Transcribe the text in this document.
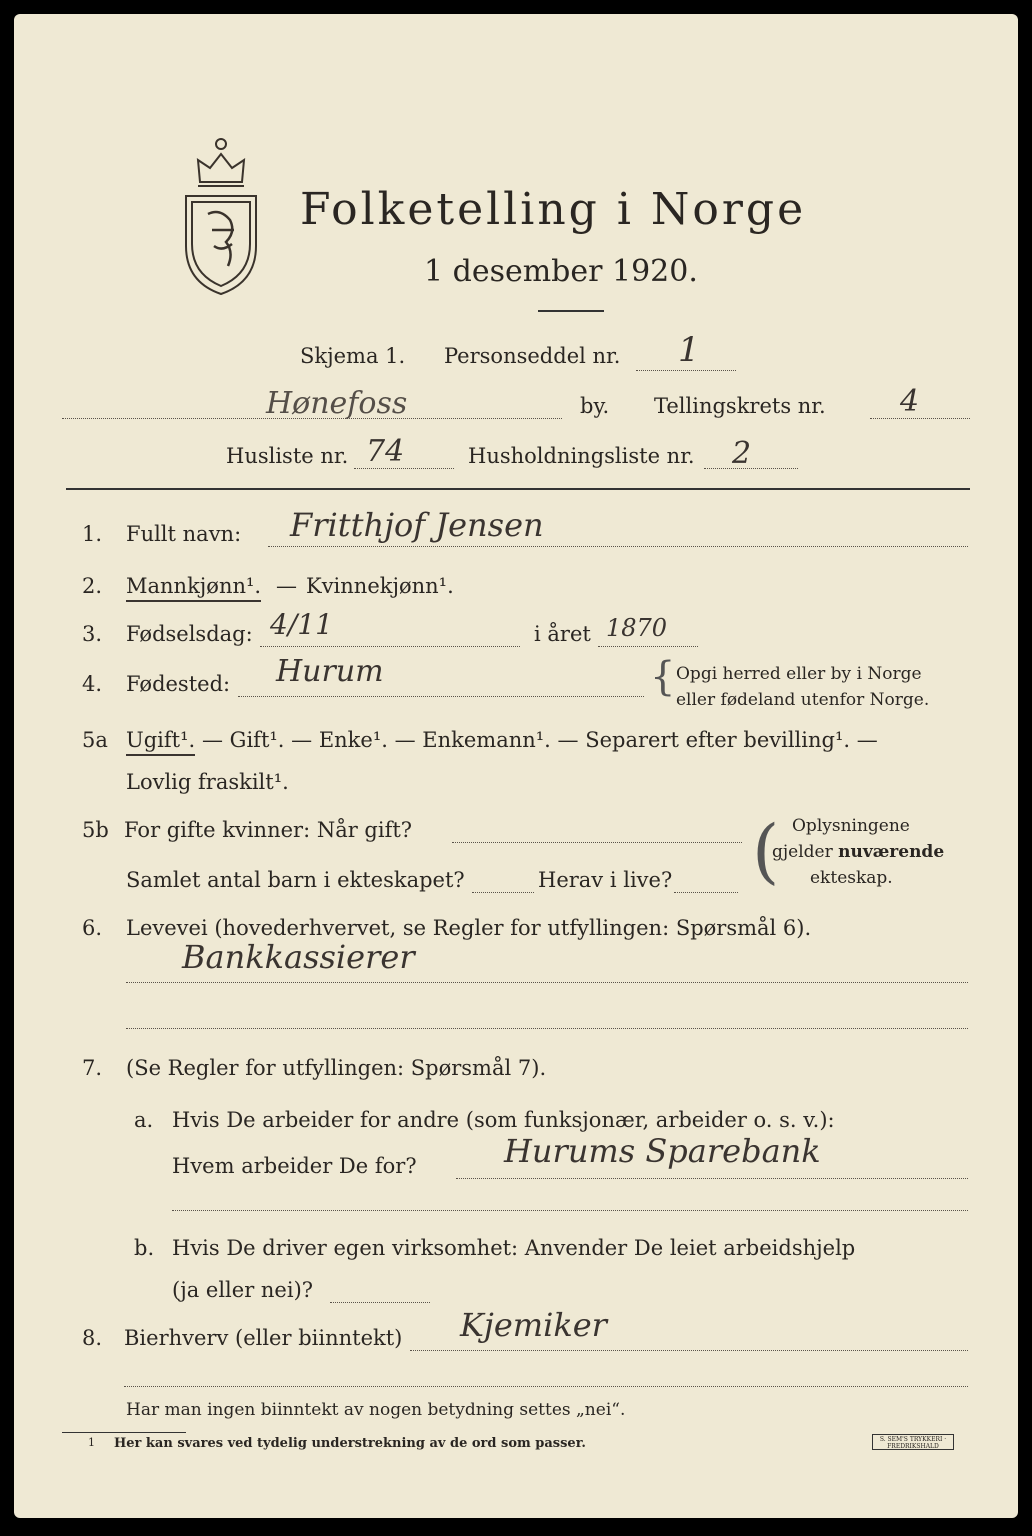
Folketelling i Norge
1 desember 1920.
Skjema 1. Personseddel nr. 1
Hønefoss	by. Tellingskrets nr. 4
Husliste nr. 74	Husholdningsliste nr. 2
1. Fullt navn: Fritthjof Jensen
2. Mannkjønn¹. — Kvinnekjønn¹.
3. Fødselsdag: 4/11	i året 1870
4. Fødested: Hurum	{ Opgi herred eller by i Norge
eller fødeland utenfor Norge.
5a Ugift¹. — Gift¹. — Enke¹. — Enkemann¹. — Separert efter bevilling¹. —
Lovlig fraskilt¹.
5b For gifte kvinner: Når gift?
Samlet antal barn i ekteskapet?	Herav i live? ( Oplysningene
gjelder nuværende
ekteskap.
6. Levevei (hovederhvervet, se Regler for utfyllingen: Spørsmål 6).
Bankkassierer
7. (Se Regler for utfyllingen: Spørsmål 7).
a. Hvis De arbeider for andre (som funksjonær, arbeider o. s. v.):
Hvem arbeider De for?	Hurums Sparebank
b. Hvis De driver egen virksomhet: Anvender De leiet arbeidshjelp
(ja eller nei)?
8. Bierhverv (eller biinntekt) Kjemiker
Har man ingen biinntekt av nogen betydning settes „nei“.
1 Her kan svares ved tydelig understrekning av de ord som passer.	S. SEM'S TRYKKERI · FREDRIKSHALD
